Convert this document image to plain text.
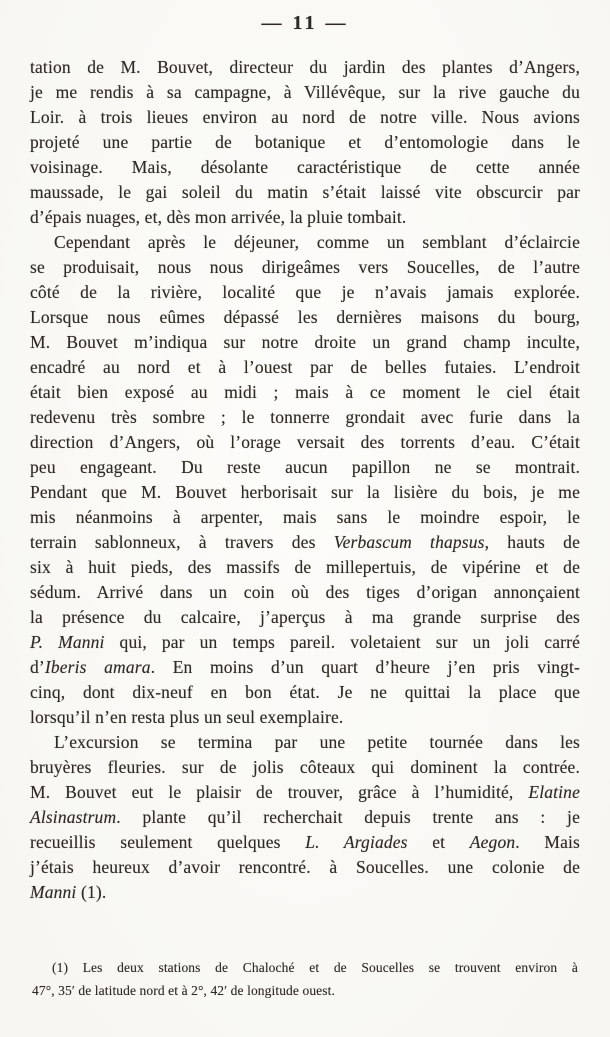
— 11 —
tation de M. Bouvet, directeur du jardin des plantes d’Angers,
je me rendis à sa campagne, à Villévêque, sur la rive gauche du
Loir. à trois lieues environ au nord de notre ville. Nous avions
projeté une partie de botanique et d’entomologie dans le
voisinage. Mais, désolante caractéristique de cette année
maussade, le gai soleil du matin s’était laissé vite obscurcir par
d’épais nuages, et, dès mon arrivée, la pluie tombait.
Cependant après le déjeuner, comme un semblant d’éclaircie
se produisait, nous nous dirigeâmes vers Soucelles, de l’autre
côté de la rivière, localité que je n’avais jamais explorée.
Lorsque nous eûmes dépassé les dernières maisons du bourg,
M. Bouvet m’indiqua sur notre droite un grand champ inculte,
encadré au nord et à l’ouest par de belles futaies. L’endroit
était bien exposé au midi ; mais à ce moment le ciel était
redevenu très sombre ; le tonnerre grondait avec furie dans la
direction d’Angers, où l’orage versait des torrents d’eau. C’était
peu engageant. Du reste aucun papillon ne se montrait.
Pendant que M. Bouvet herborisait sur la lisière du bois, je me
mis néanmoins à arpenter, mais sans le moindre espoir, le
terrain sablonneux, à travers des Verbascum thapsus, hauts de
six à huit pieds, des massifs de millepertuis, de vipérine et de
sédum. Arrivé dans un coin où des tiges d’origan annonçaient
la présence du calcaire, j’aperçus à ma grande surprise des
P. Manni qui, par un temps pareil. voletaient sur un joli carré
d’Iberis amara. En moins d’un quart d’heure j’en pris vingt-
cinq, dont dix-neuf en bon état. Je ne quittai la place que
lorsqu’il n’en resta plus un seul exemplaire.
L’excursion se termina par une petite tournée dans les
bruyères fleuries. sur de jolis côteaux qui dominent la contrée.
M. Bouvet eut le plaisir de trouver, grâce à l’humidité, Elatine
Alsinastrum. plante qu’il recherchait depuis trente ans : je
recueillis seulement quelques L. Argiades et Aegon. Mais
j’étais heureux d’avoir rencontré. à Soucelles. une colonie de
Manni (1).
(1) Les deux stations de Chaloché et de Soucelles se trouvent environ à
47°, 35′ de latitude nord et à 2°, 42′ de longitude ouest.
